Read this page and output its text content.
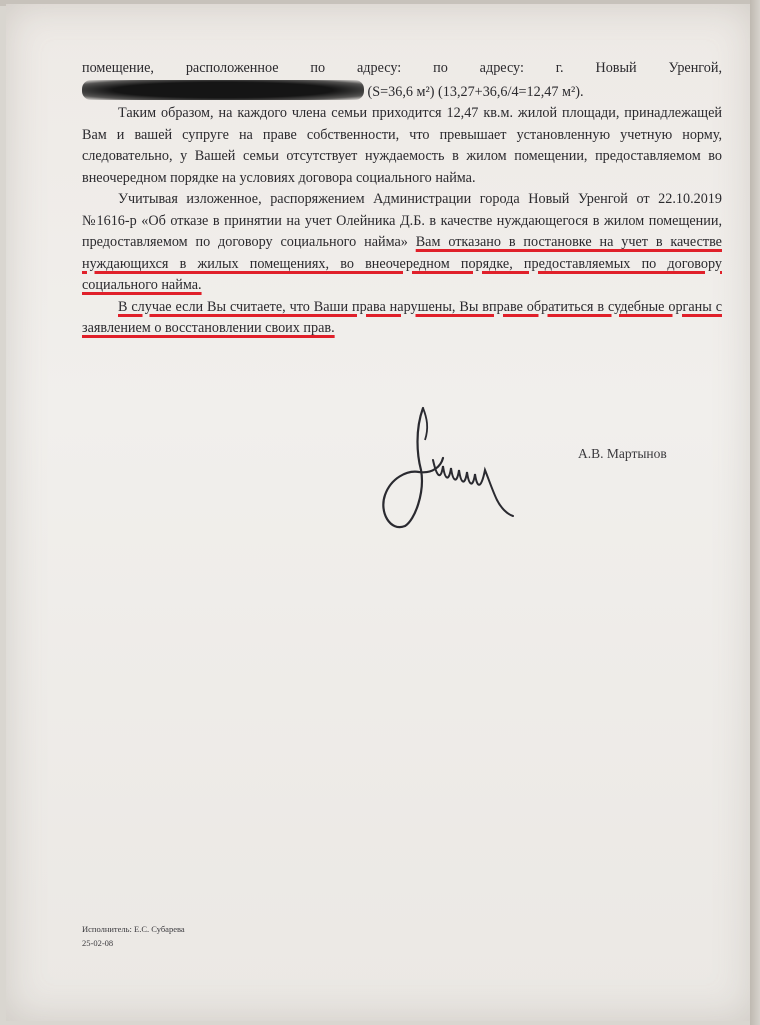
помещение, расположенное по адресу: по адресу: г. Новый Уренгой,  (S=36,6 м²) (13,27+36,6/4=12,47 м²).

Таким образом, на каждого члена семьи приходится 12,47 кв.м. жилой площади, принадлежащей Вам и вашей супруге на праве собственности, что превышает установленную учетную норму, следовательно, у Вашей семьи отсутствует нуждаемость в жилом помещении, предоставляемом во внеочередном порядке на условиях договора социального найма.

Учитывая изложенное, распоряжением Администрации города Новый Уренгой от 22.10.2019 №1616-р «Об отказе в принятии на учет Олейника Д.Б. в качестве нуждающегося в жилом помещении, предоставляемом по договору социального найма» Вам отказано в постановке на учет в качестве нуждающихся в жилых помещениях, во внеочередном порядке, предоставляемых по договору социального найма.

В случае если Вы считаете, что Ваши права нарушены, Вы вправе обратиться в судебные органы с заявлением о восстановлении своих прав.

А.В. Мартынов
Исполнитель: Е.С. Субарева
25-02-08
